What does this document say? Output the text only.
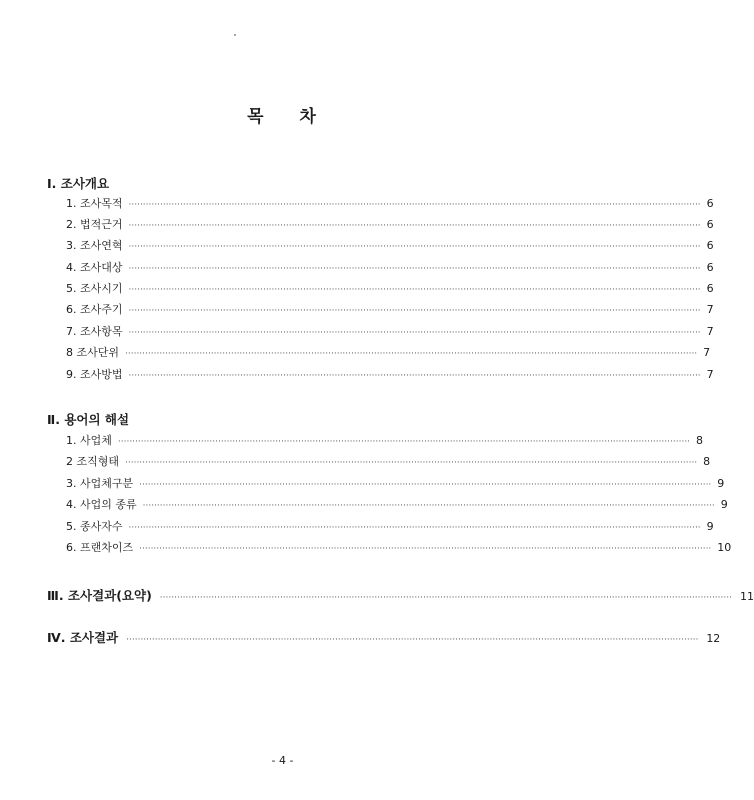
목 차
Ⅰ. 조사개요
1. 조사목적 ········································································································································································································ 6
2. 법적근거 ········································································································································································································ 6
3. 조사연혁 ········································································································································································································ 6
4. 조사대상 ········································································································································································································ 6
5. 조사시기 ········································································································································································································ 6
6. 조사주기 ········································································································································································································ 7
7. 조사항목 ········································································································································································································ 7
8 조사단위 ········································································································································································································ 7
9. 조사방법 ········································································································································································································ 7
Ⅱ. 용어의 해설
1. 사업체 ········································································································································································································ 8
2 조직형태 ········································································································································································································ 8
3. 사업체구분 ········································································································································································································ 9
4. 사업의 종류 ········································································································································································································ 9
5. 종사자수 ········································································································································································································ 9
6. 프랜차이즈 ········································································································································································································ 10
Ⅲ. 조사결과(요약) ········································································································································································································ 11
Ⅳ. 조사결과 ········································································································································································································ 12
- 4 -
